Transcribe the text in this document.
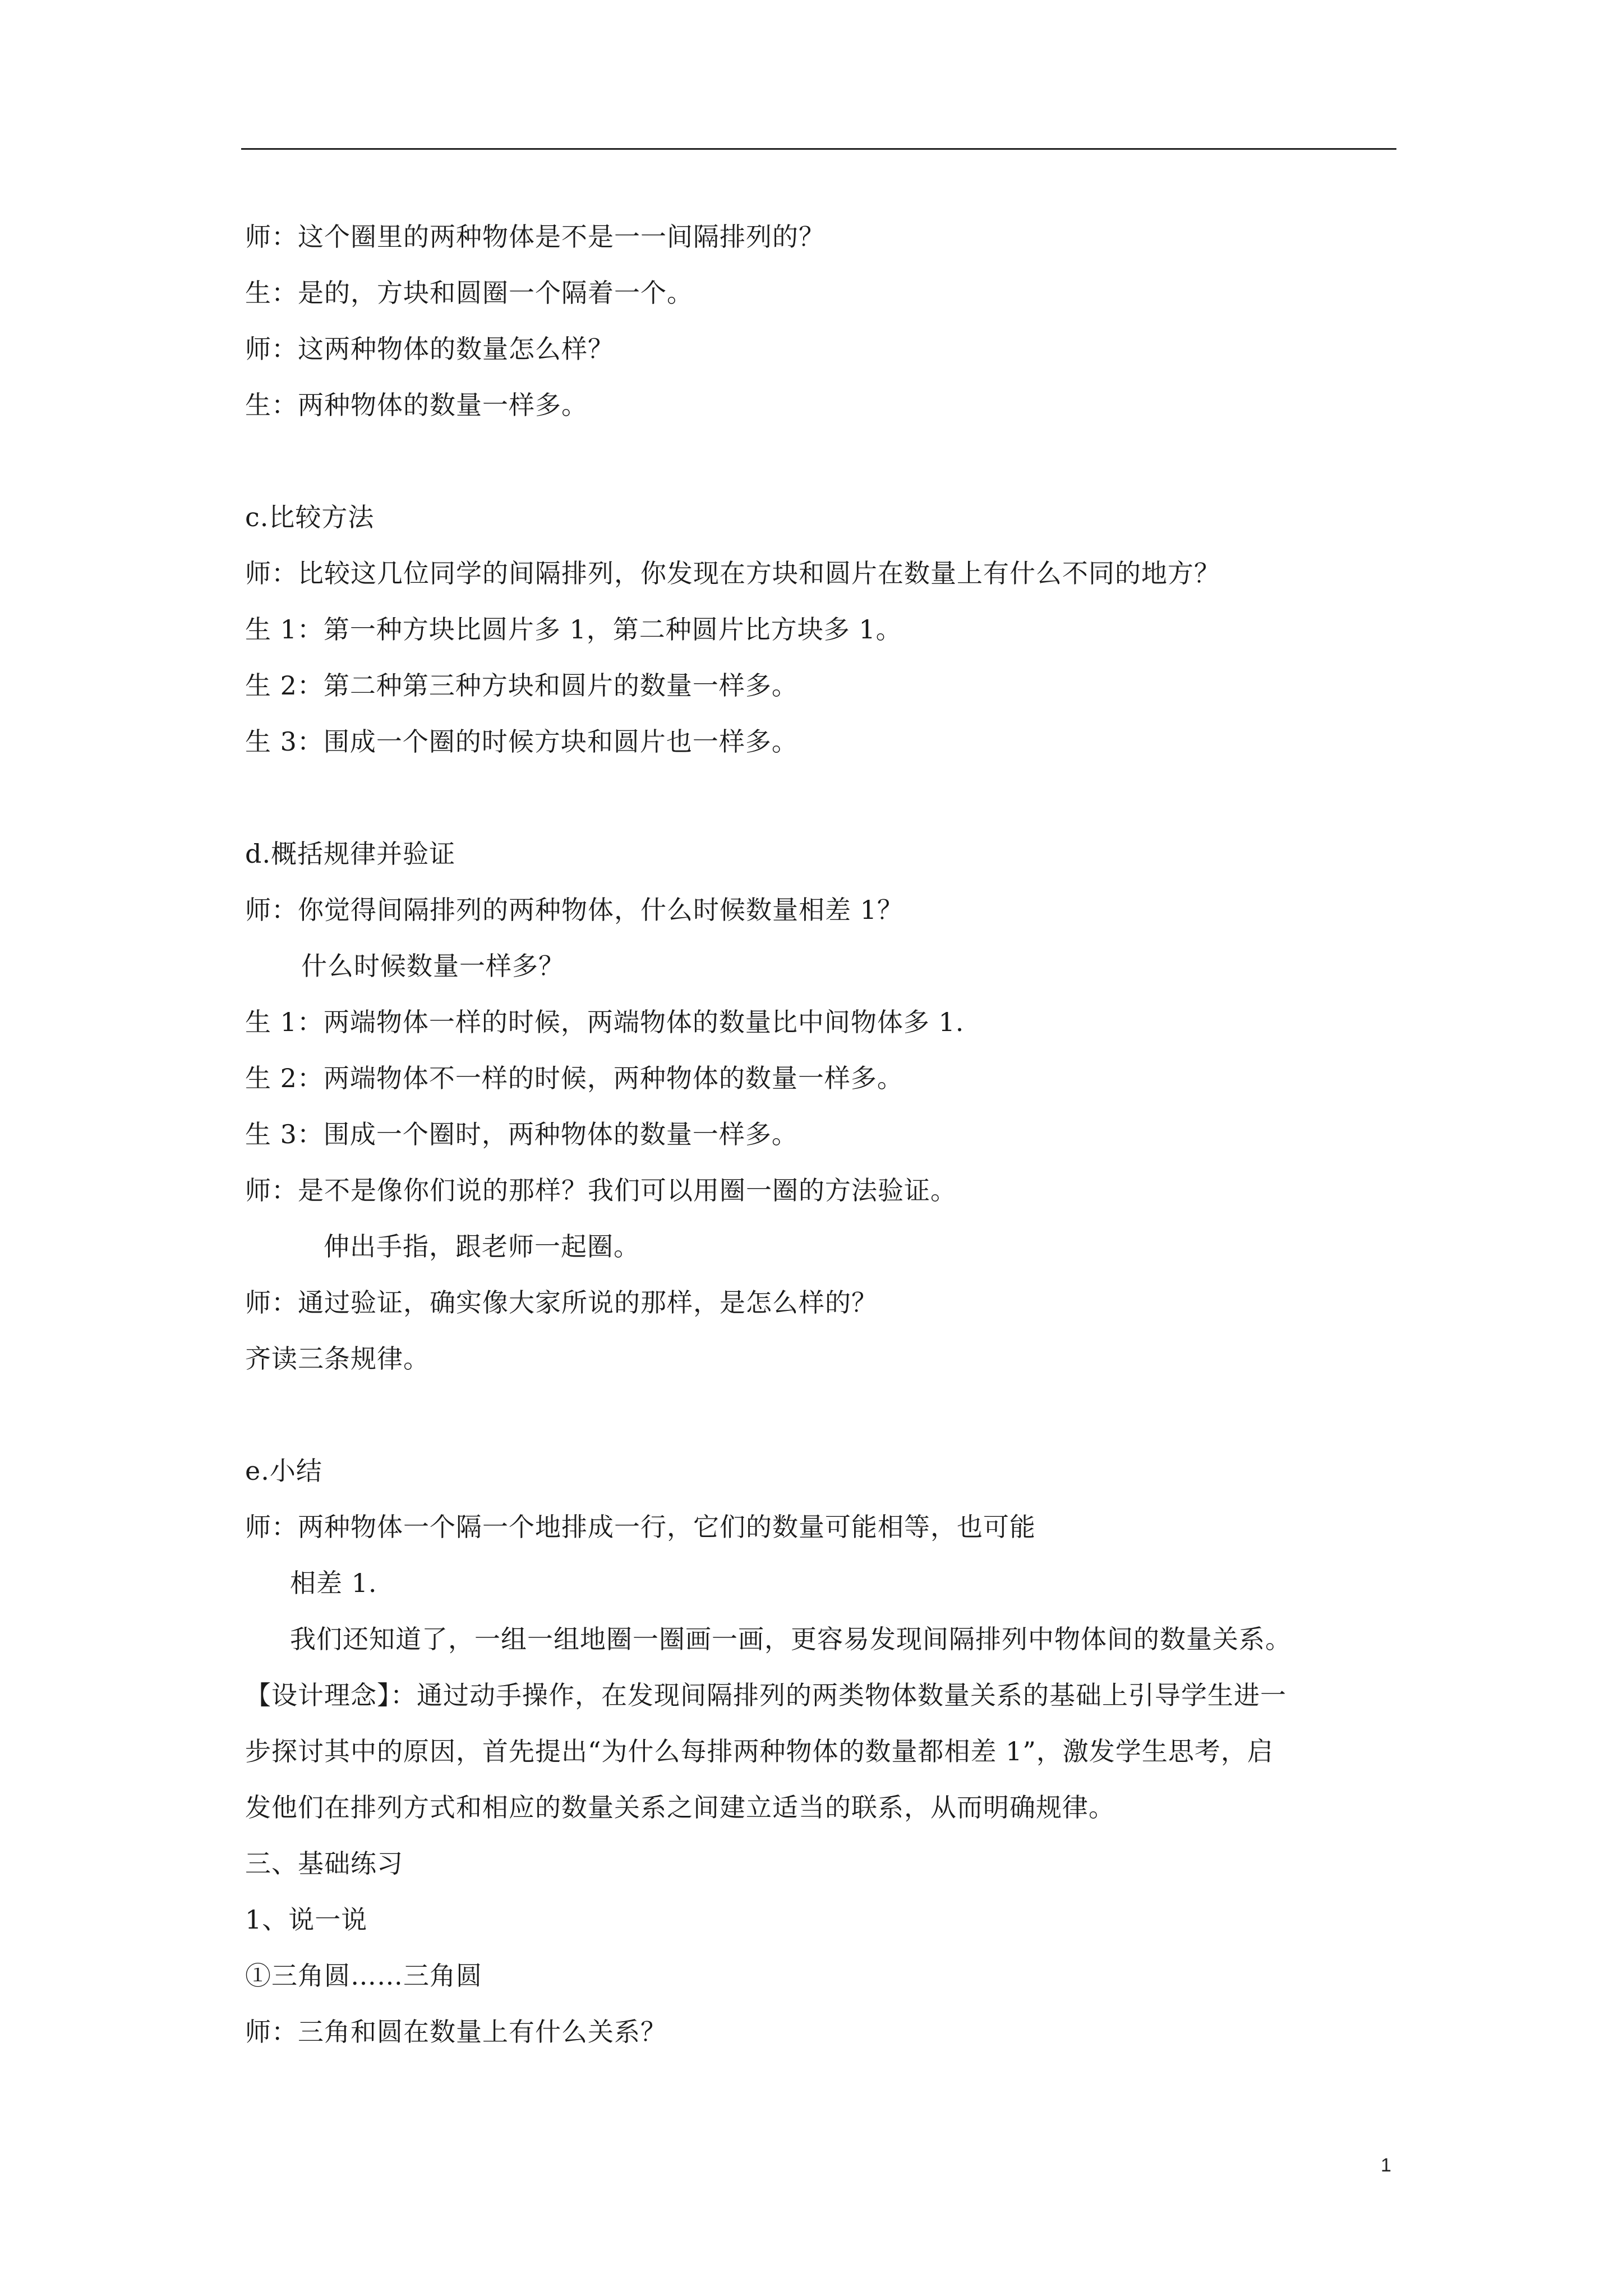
师：这个圈里的两种物体是不是一一间隔排列的？
生：是的，方块和圆圈一个隔着一个。
师：这两种物体的数量怎么样？
生：两种物体的数量一样多。
c.比较方法
师：比较这几位同学的间隔排列，你发现在方块和圆片在数量上有什么不同的地方？
生 1：第一种方块比圆片多 1，第二种圆片比方块多 1。
生 2：第二种第三种方块和圆片的数量一样多。
生 3：围成一个圈的时候方块和圆片也一样多。
d.概括规律并验证
师：你觉得间隔排列的两种物体，什么时候数量相差 1？
什么时候数量一样多？
生 1：两端物体一样的时候，两端物体的数量比中间物体多 1.
生 2：两端物体不一样的时候，两种物体的数量一样多。
生 3：围成一个圈时，两种物体的数量一样多。
师：是不是像你们说的那样？我们可以用圈一圈的方法验证。
伸出手指，跟老师一起圈。
师：通过验证，确实像大家所说的那样，是怎么样的？
齐读三条规律。
e.小结
师：两种物体一个隔一个地排成一行，它们的数量可能相等，也可能
相差 1.
我们还知道了，一组一组地圈一圈画一画，更容易发现间隔排列中物体间的数量关系。
【设计理念】：通过动手操作，在发现间隔排列的两类物体数量关系的基础上引导学生进一
步探讨其中的原因，首先提出“为什么每排两种物体的数量都相差 1”，激发学生思考，启
发他们在排列方式和相应的数量关系之间建立适当的联系，从而明确规律。
三、基础练习
1、说一说
①三角圆……三角圆
师：三角和圆在数量上有什么关系？
1
